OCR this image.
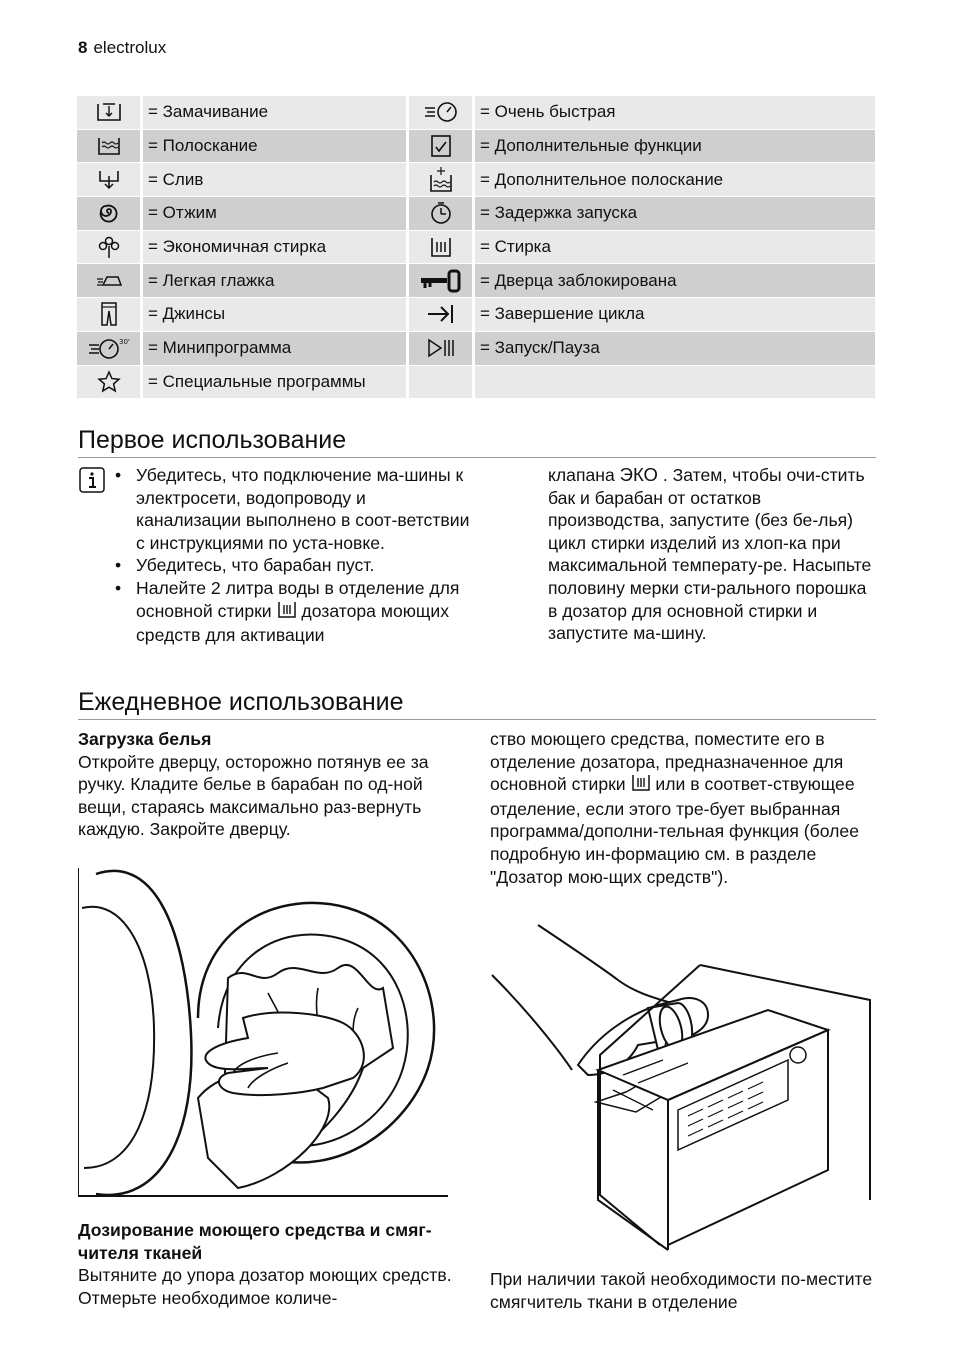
8 electrolux
	= Замачивание		= Очень быстрая

	= Полоскание		= Дополнительные функции

	= Слив		= Дополнительное полоскание

	= Отжим		= Задержка запуска

	= Экономичная стирка		= Стирка

	= Легкая глажка		= Дверца заблокирована

	= Джинсы		= Завершение цикла

30'	= Минипрограмма		= Запуск/Пауза

	= Специальные программы		
Первое использование
• Убедитесь, что подключение ма-шины к электросети, водопроводу и канализации выполнено в соот-ветствии с инструкциями по уста-новке.
• Убедитесь, что барабан пуст.
• Налейте 2 литра воды в отделение для основной стирки дозатора моющих средств для активации
клапана ЭКО . Затем, чтобы очи-стить бак и барабан от остатков производства, запустите (без бе-лья) цикл стирки изделий из хлоп-ка при максимальной температу-ре. Насыпьте половину мерки сти-рального порошка в дозатор для основной стирки и запустите ма-шину.
Ежедневное использование
Загрузка белья
Откройте дверцу, осторожно потянув ее за ручку. Кладите белье в барабан по од-ной вещи, стараясь максимально раз-вернуть каждую. Закройте дверцу.
ство моющего средства, поместите его в отделение дозатора, предназначенное для основной стирки или в соответ-ствующее отделение, если этого тре-бует выбранная программа/дополни-тельная функция (более подробную ин-формацию см. в разделе "Дозатор мою-щих средств").
Дозирование моющего средства и смяг-чителя тканей
Вытяните до упора дозатор моющих средств. Отмерьте необходимое количе-
При наличии такой необходимости по-местите смягчитель ткани в отделение
